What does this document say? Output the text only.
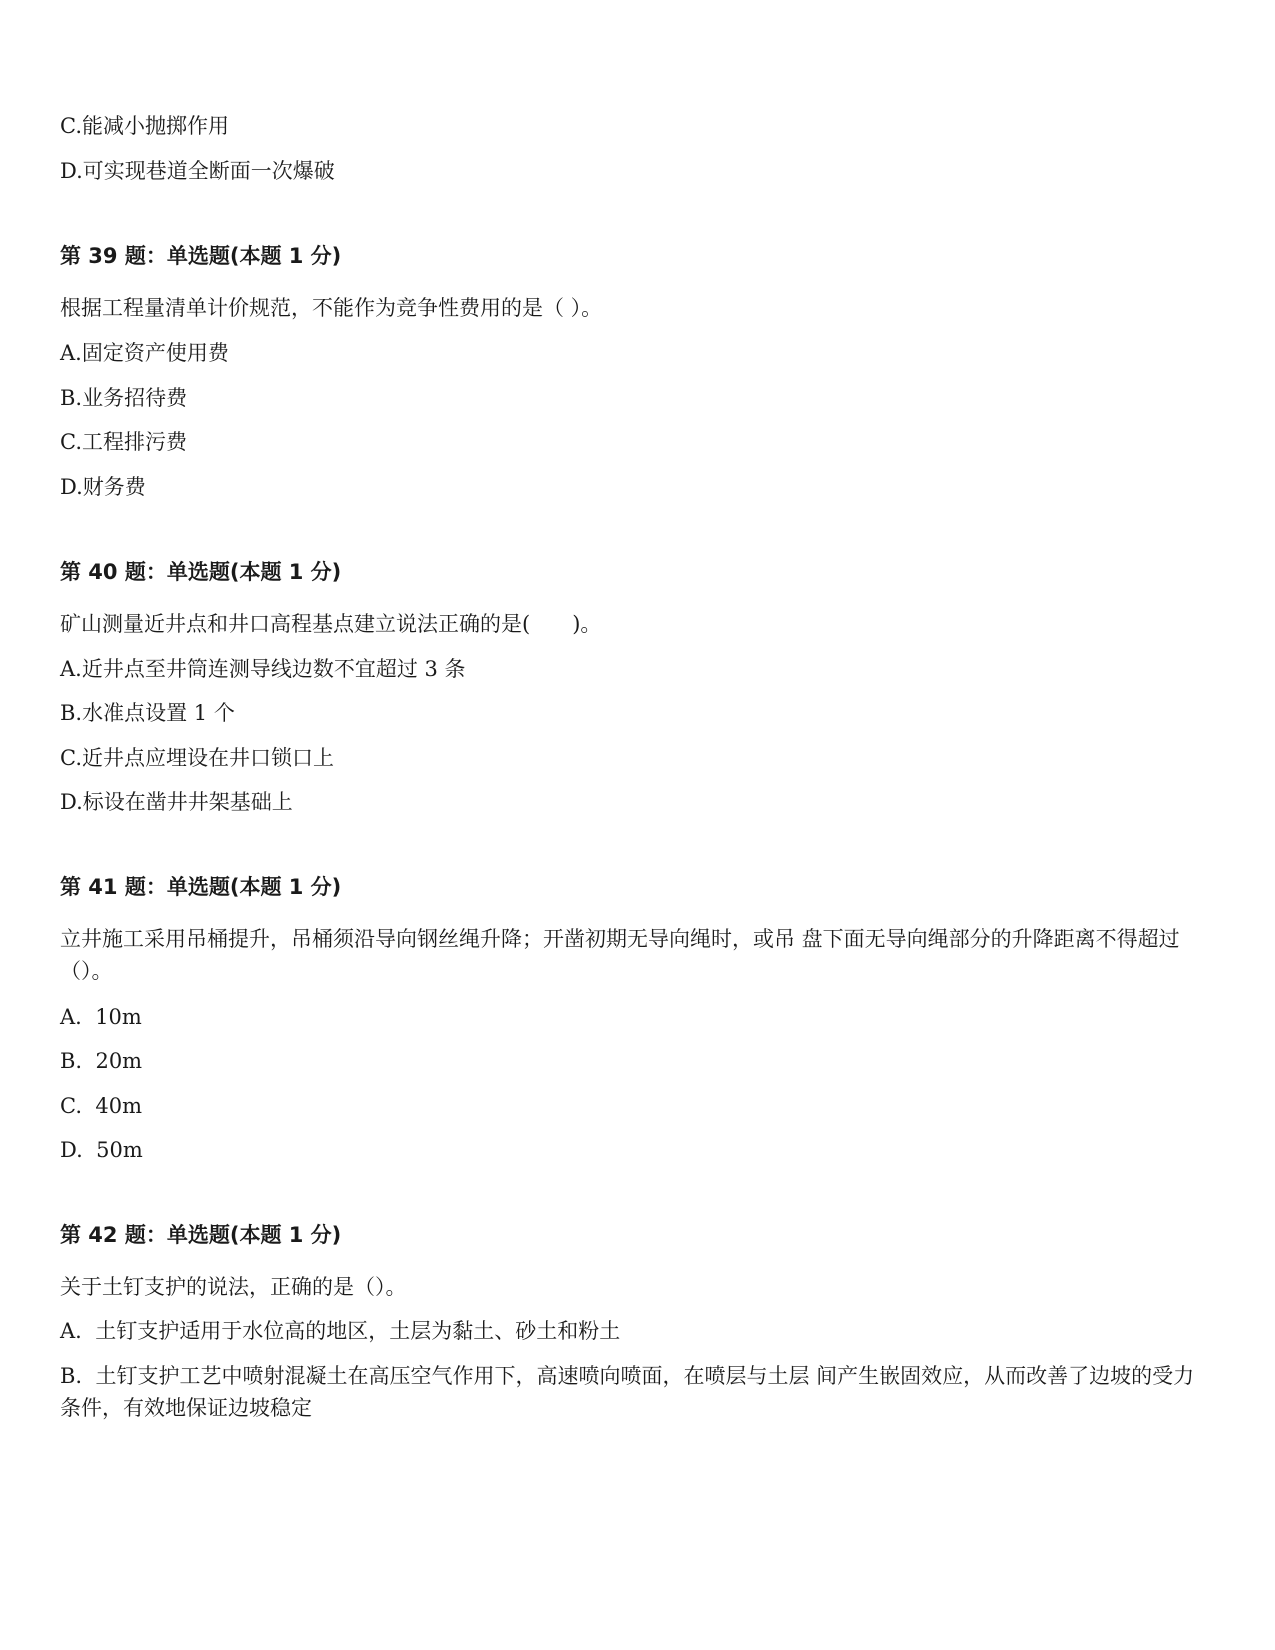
C.能减小抛掷作用
D.可实现巷道全断面一次爆破
第 39 题：单选题(本题 1 分)
根据工程量清单计价规范，不能作为竞争性费用的是（ ）。
A.固定资产使用费
B.业务招待费
C.工程排污费
D.财务费
第 40 题：单选题(本题 1 分)
矿山测量近井点和井口高程基点建立说法正确的是(　　)。
A.近井点至井筒连测导线边数不宜超过 3 条
B.水准点设置 1 个
C.近井点应埋设在井口锁口上
D.标设在凿井井架基础上
第 41 题：单选题(本题 1 分)
立井施工采用吊桶提升，吊桶须沿导向钢丝绳升降；开凿初期无导向绳时，或吊 盘下面无导向绳部分的升降距离不得超过（）。
A.  10m
B.  20m
C.  40m
D.  50m
第 42 题：单选题(本题 1 分)
关于土钉支护的说法，正确的是（）。
A.  土钉支护适用于水位高的地区，土层为黏土、砂土和粉土
B.  土钉支护工艺中喷射混凝土在高压空气作用下，高速喷向喷面，在喷层与土层 间产生嵌固效应，从而改善了边坡的受力条件，有效地保证边坡稳定
